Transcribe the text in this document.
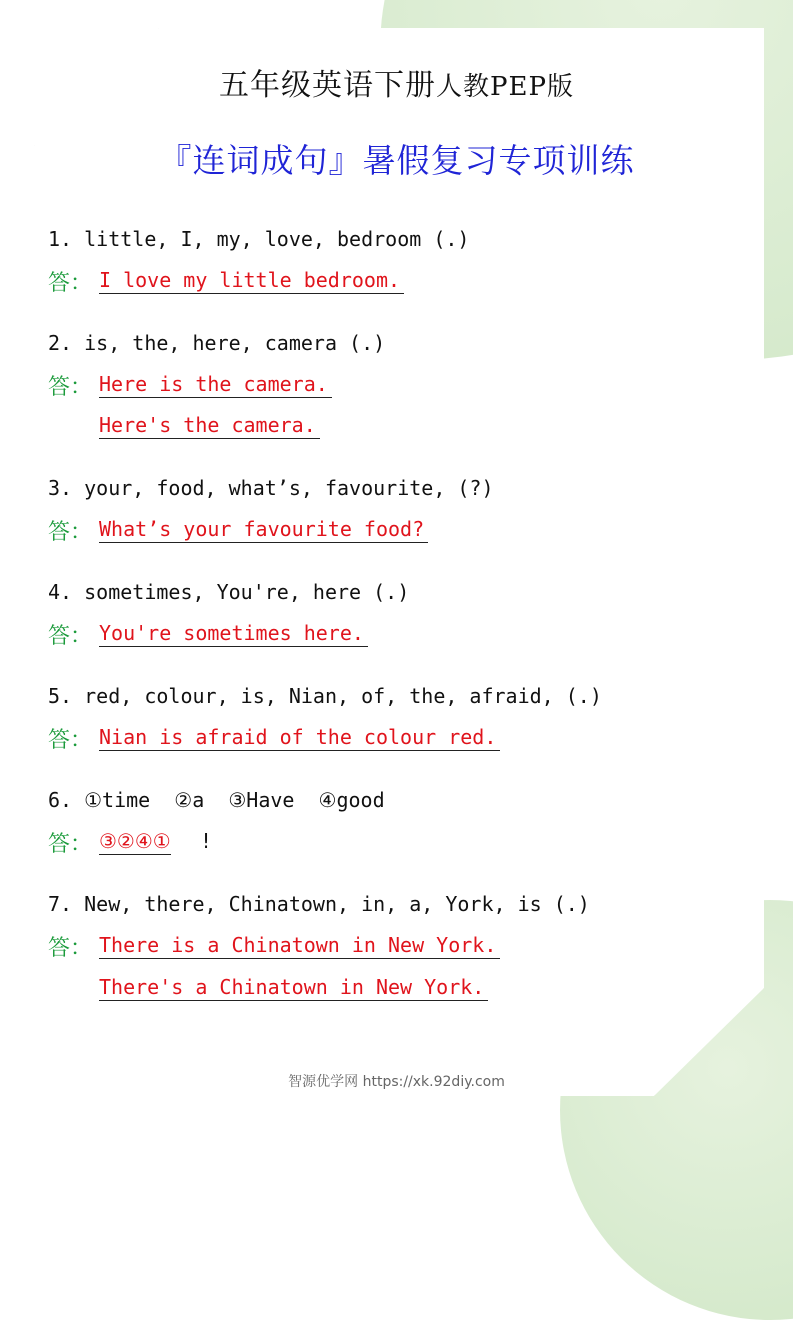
五年级英语下册人教PEP版
『连词成句』暑假复习专项训练
1. little, I, my, love, bedroom (.)
答： I love my little bedroom.
2. is, the, here, camera (.)
答： Here is the camera.
Here's the camera.
3. your, food, what’s, favourite, (?)
答： What’s your favourite food?
4. sometimes, You're, here (.)
答： You're sometimes here.
5. red, colour, is, Nian, of, the, afraid, (.)
答： Nian is afraid of the colour red.
6. ①time  ②a  ③Have  ④good
答： ③②④① !
7. New, there, Chinatown, in, a, York, is (.)
答： There is a Chinatown in New York.
There's a Chinatown in New York.
智源优学网 https://xk.92diy.com
